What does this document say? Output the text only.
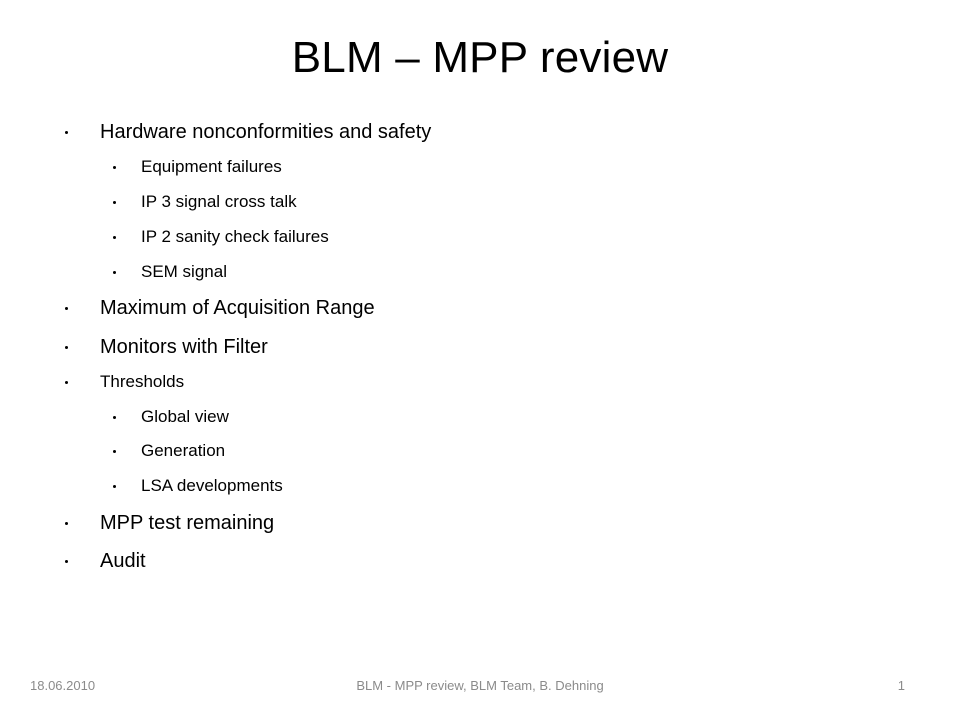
BLM – MPP review
Hardware nonconformities and safety
Equipment failures
IP 3 signal cross talk
IP 2 sanity check failures
SEM signal
Maximum of Acquisition Range
Monitors with Filter
Thresholds
Global view
Generation
LSA developments
MPP test remaining
Audit
18.06.2010	BLM - MPP review, BLM Team, B. Dehning	1
